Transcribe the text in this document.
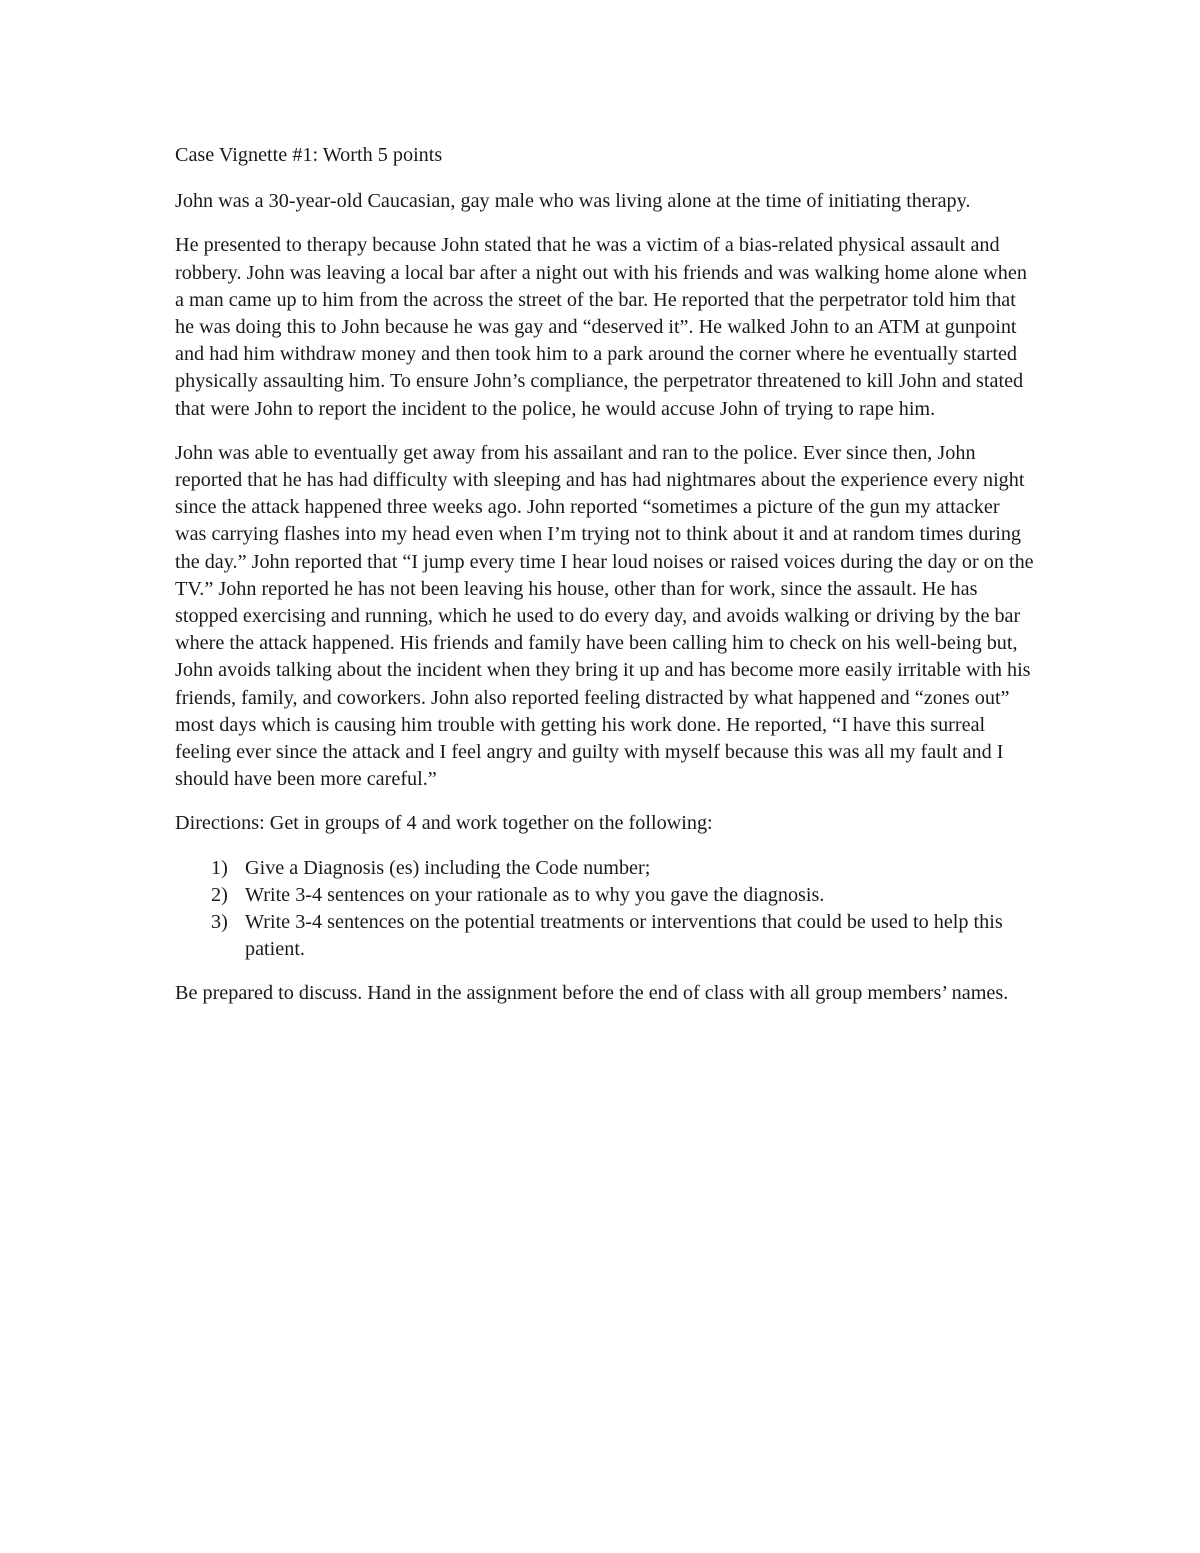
Case Vignette #1: Worth 5 points

John was a 30-year-old Caucasian, gay male who was living alone at the time of initiating therapy.

He presented to therapy because John stated that he was a victim of a bias-related physical assault and robbery. John was leaving a local bar after a night out with his friends and was walking home alone when a man came up to him from the across the street of the bar. He reported that the perpetrator told him that he was doing this to John because he was gay and “deserved it”. He walked John to an ATM at gunpoint and had him withdraw money and then took him to a park around the corner where he eventually started physically assaulting him. To ensure John’s compliance, the perpetrator threatened to kill John and stated that were John to report the incident to the police, he would accuse John of trying to rape him.

John was able to eventually get away from his assailant and ran to the police. Ever since then, John reported that he has had difficulty with sleeping and has had nightmares about the experience every night since the attack happened three weeks ago. John reported “sometimes a picture of the gun my attacker was carrying flashes into my head even when I’m trying not to think about it and at random times during the day.” John reported that “I jump every time I hear loud noises or raised voices during the day or on the TV.” John reported he has not been leaving his house, other than for work, since the assault. He has stopped exercising and running, which he used to do every day, and avoids walking or driving by the bar where the attack happened. His friends and family have been calling him to check on his well-being but, John avoids talking about the incident when they bring it up and has become more easily irritable with his friends, family, and coworkers. John also reported feeling distracted by what happened and “zones out” most days which is causing him trouble with getting his work done. He reported, “I have this surreal feeling ever since the attack and I feel angry and guilty with myself because this was all my fault and I should have been more careful.”

Directions: Get in groups of 4 and work together on the following:

1) Give a Diagnosis (es) including the Code number;
2) Write 3-4 sentences on your rationale as to why you gave the diagnosis.
3) Write 3-4 sentences on the potential treatments or interventions that could be used to help this patient.

Be prepared to discuss. Hand in the assignment before the end of class with all group members’ names.
